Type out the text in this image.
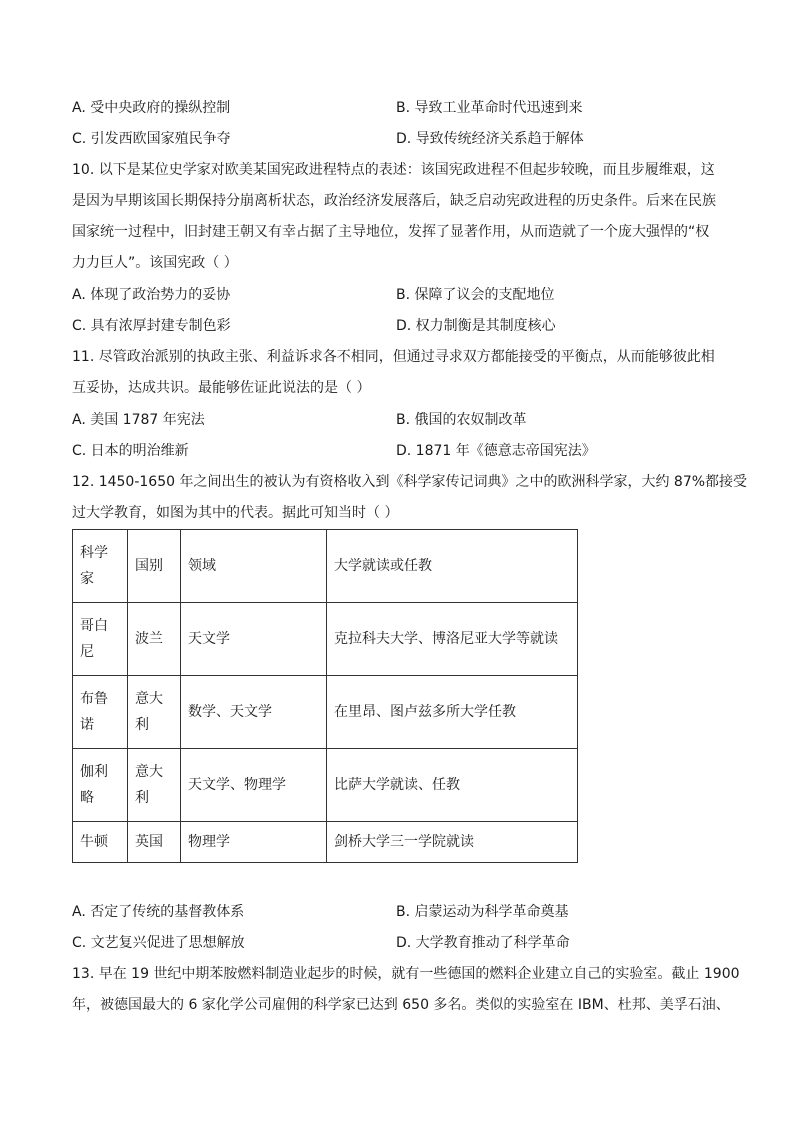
A. 受中央政府的操纵控制	B. 导致工业革命时代迅速到来
C. 引发西欧国家殖民争夺	D. 导致传统经济关系趋于解体
10. 以下是某位史学家对欧美某国宪政进程特点的表述：该国宪政进程不但起步较晚，而且步履维艰，这
是因为早期该国长期保持分崩离析状态，政治经济发展落后，缺乏启动宪政进程的历史条件。后来在民族
国家统一过程中，旧封建王朝又有幸占据了主导地位，发挥了显著作用，从而造就了一个庞大强悍的“权
力力巨人”。该国宪政（ ）
A. 体现了政治势力的妥协	B. 保障了议会的支配地位
C. 具有浓厚封建专制色彩	D. 权力制衡是其制度核心
11. 尽管政治派别的执政主张、利益诉求各不相同，但通过寻求双方都能接受的平衡点，从而能够彼此相
互妥协，达成共识。最能够佐证此说法的是（ ）
A. 美国 1787 年宪法	B. 俄国的农奴制改革
C. 日本的明治维新	D. 1871 年《德意志帝国宪法》
12. 1450-1650 年之间出生的被认为有资格收入到《科学家传记词典》之中的欧洲科学家，大约 87%都接受
过大学教育，如图为其中的代表。据此可知当时（ ）
科学家	国别	领域	大学就读或任教
哥白尼	波兰	天文学	克拉科夫大学、博洛尼亚大学等就读
布鲁诺	意大利	数学、天文学	在里昂、图卢兹多所大学任教
伽利略	意大利	天文学、物理学	比萨大学就读、任教
牛顿	英国	物理学	剑桥大学三一学院就读
A. 否定了传统的基督教体系	B. 启蒙运动为科学革命奠基
C. 文艺复兴促进了思想解放	D. 大学教育推动了科学革命
13. 早在 19 世纪中期苯胺燃料制造业起步的时候，就有一些德国的燃料企业建立自己的实验室。截止 1900
年，被德国最大的 6 家化学公司雇佣的科学家已达到 650 多名。类似的实验室在 IBM、杜邦、美孚石油、
